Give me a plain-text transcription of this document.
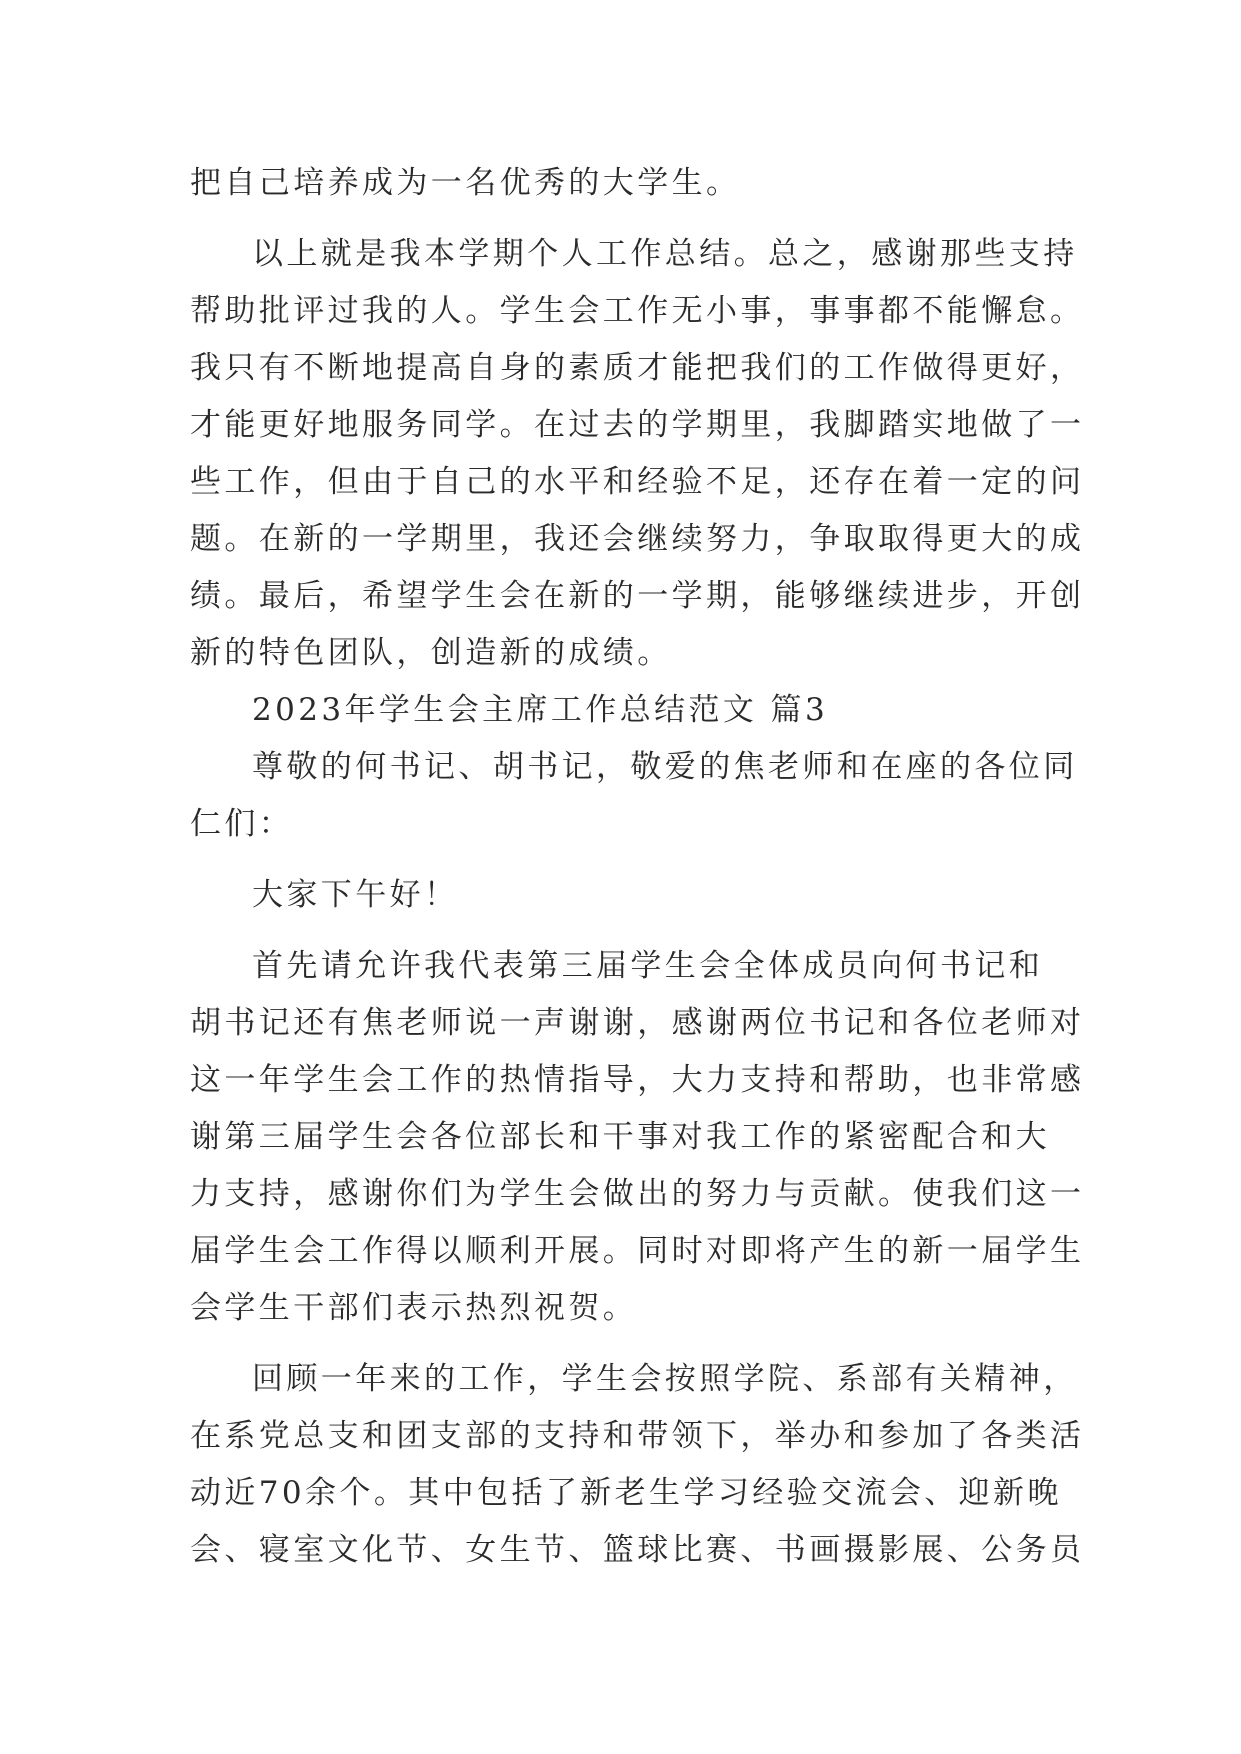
把自己培养成为一名优秀的大学生。
以上就是我本学期个人工作总结。总之，感谢那些支持
帮助批评过我的人。学生会工作无小事，事事都不能懈怠。
我只有不断地提高自身的素质才能把我们的工作做得更好，
才能更好地服务同学。在过去的学期里，我脚踏实地做了一
些工作，但由于自己的水平和经验不足，还存在着一定的问
题。在新的一学期里，我还会继续努力，争取取得更大的成
绩。最后，希望学生会在新的一学期，能够继续进步，开创
新的特色团队，创造新的成绩。
2023年学生会主席工作总结范文 篇3
尊敬的何书记、胡书记，敬爱的焦老师和在座的各位同
仁们：
大家下午好！
首先请允许我代表第三届学生会全体成员向何书记和
胡书记还有焦老师说一声谢谢，感谢两位书记和各位老师对
这一年学生会工作的热情指导，大力支持和帮助，也非常感
谢第三届学生会各位部长和干事对我工作的紧密配合和大
力支持，感谢你们为学生会做出的努力与贡献。使我们这一
届学生会工作得以顺利开展。同时对即将产生的新一届学生
会学生干部们表示热烈祝贺。
回顾一年来的工作，学生会按照学院、系部有关精神，
在系党总支和团支部的支持和带领下，举办和参加了各类活
动近70余个。其中包括了新老生学习经验交流会、迎新晚
会、寝室文化节、女生节、篮球比赛、书画摄影展、公务员
